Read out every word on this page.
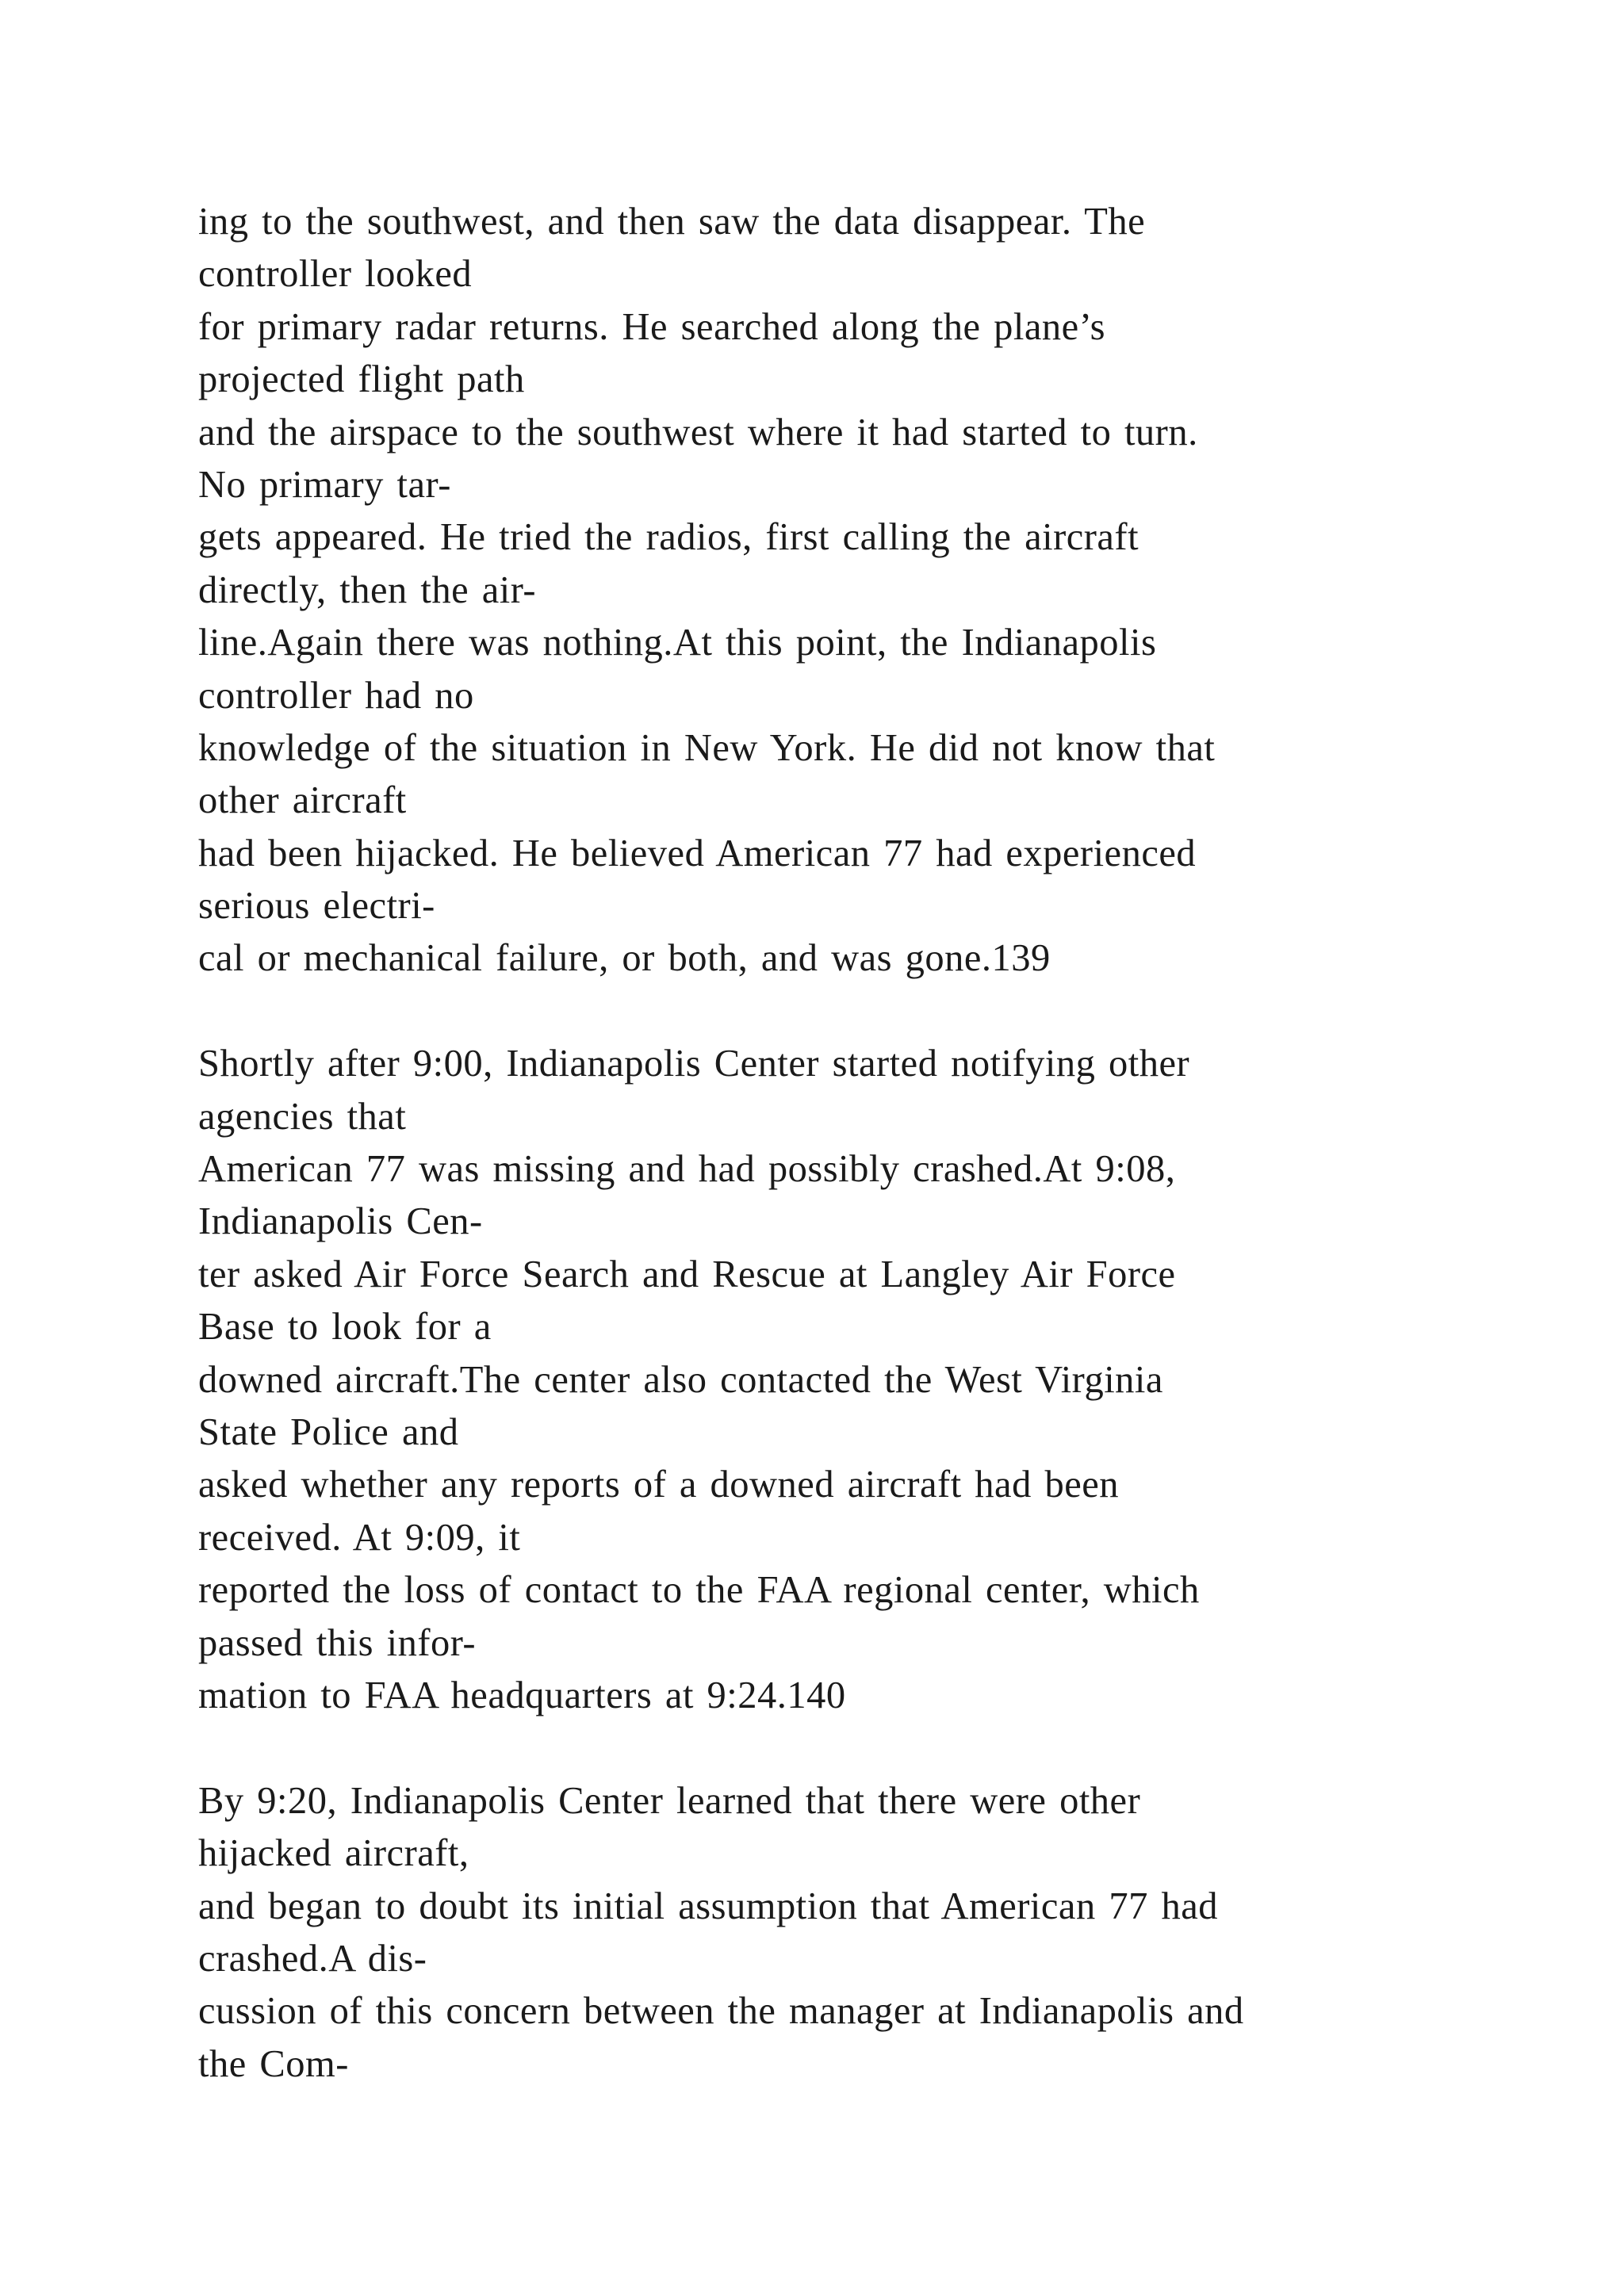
ing to the southwest, and then saw the data disappear. The
controller looked
for primary radar returns. He searched along the plane’s
projected flight path
and the airspace to the southwest where it had started to turn.
No primary tar-
gets appeared. He tried the radios, first calling the aircraft
directly, then the air-
line.Again there was nothing.At this point, the Indianapolis
controller had no
knowledge of the situation in New York. He did not know that
other aircraft
had been hijacked. He believed American 77 had experienced
serious electri-
cal or mechanical failure, or both, and was gone.139
Shortly after 9:00, Indianapolis Center started notifying other
agencies that
American 77 was missing and had possibly crashed.At 9:08,
Indianapolis Cen-
ter asked Air Force Search and Rescue at Langley Air Force
Base to look for a
downed aircraft.The center also contacted the West Virginia
State Police and
asked whether any reports of a downed aircraft had been
received. At 9:09, it
reported the loss of contact to the FAA regional center, which
passed this infor-
mation to FAA headquarters at 9:24.140
By 9:20, Indianapolis Center learned that there were other
hijacked aircraft,
and began to doubt its initial assumption that American 77 had
crashed.A dis-
cussion of this concern between the manager at Indianapolis and
the Com-
